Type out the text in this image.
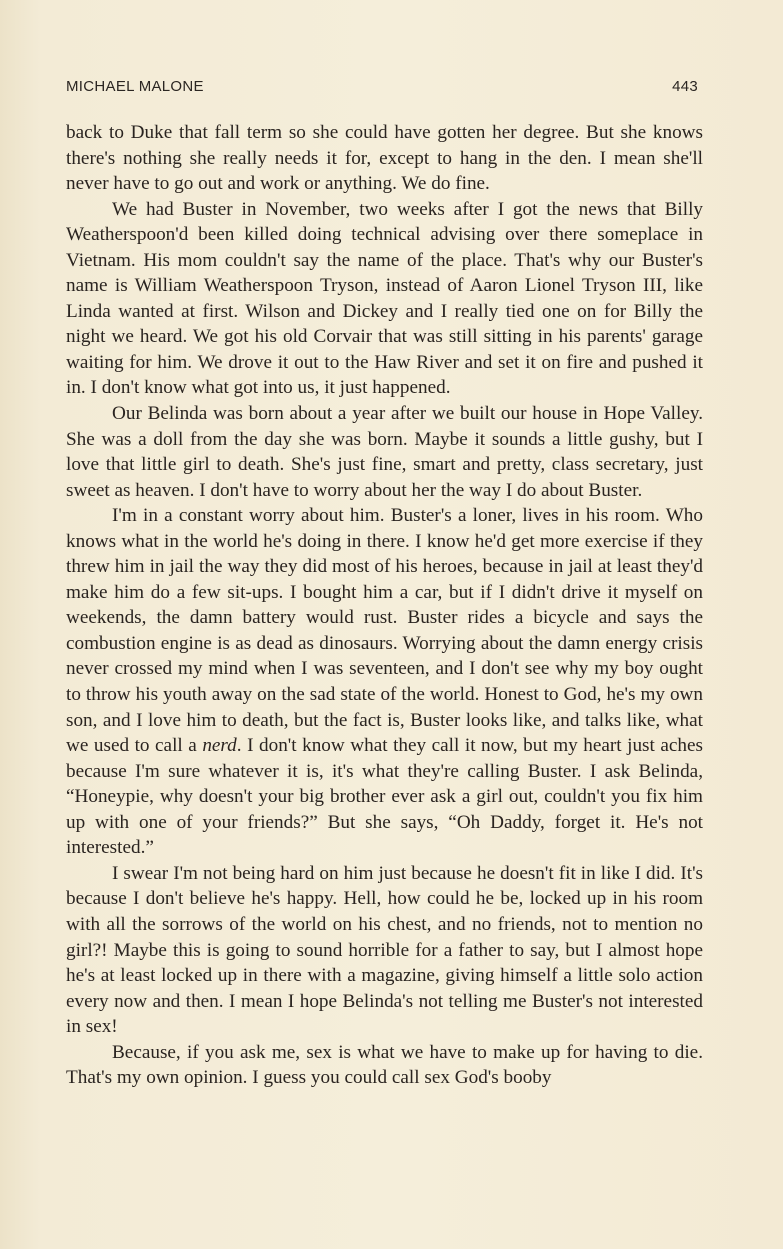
MICHAEL MALONE	443

back to Duke that fall term so she could have gotten her degree. But she knows there's nothing she really needs it for, except to hang in the den. I mean she'll never have to go out and work or anything. We do fine.

We had Buster in November, two weeks after I got the news that Billy Weatherspoon'd been killed doing technical advising over there someplace in Vietnam. His mom couldn't say the name of the place. That's why our Buster's name is William Weatherspoon Tryson, instead of Aaron Lionel Tryson III, like Linda wanted at first. Wilson and Dickey and I really tied one on for Billy the night we heard. We got his old Corvair that was still sitting in his parents' garage waiting for him. We drove it out to the Haw River and set it on fire and pushed it in. I don't know what got into us, it just happened.

Our Belinda was born about a year after we built our house in Hope Valley. She was a doll from the day she was born. Maybe it sounds a little gushy, but I love that little girl to death. She's just fine, smart and pretty, class secretary, just sweet as heaven. I don't have to worry about her the way I do about Buster.

I'm in a constant worry about him. Buster's a loner, lives in his room. Who knows what in the world he's doing in there. I know he'd get more exercise if they threw him in jail the way they did most of his heroes, because in jail at least they'd make him do a few sit-ups. I bought him a car, but if I didn't drive it myself on weekends, the damn battery would rust. Buster rides a bicycle and says the combustion engine is as dead as dinosaurs. Worrying about the damn energy crisis never crossed my mind when I was seventeen, and I don't see why my boy ought to throw his youth away on the sad state of the world. Honest to God, he's my own son, and I love him to death, but the fact is, Buster looks like, and talks like, what we used to call a nerd. I don't know what they call it now, but my heart just aches because I'm sure whatever it is, it's what they're calling Buster. I ask Belinda, “Honeypie, why doesn't your big brother ever ask a girl out, couldn't you fix him up with one of your friends?” But she says, “Oh Daddy, forget it. He's not interested.”

I swear I'm not being hard on him just because he doesn't fit in like I did. It's because I don't believe he's happy. Hell, how could he be, locked up in his room with all the sorrows of the world on his chest, and no friends, not to mention no girl?! Maybe this is going to sound horrible for a father to say, but I almost hope he's at least locked up in there with a magazine, giving himself a little solo action every now and then. I mean I hope Belinda's not telling me Buster's not interested in sex!

Because, if you ask me, sex is what we have to make up for having to die. That's my own opinion. I guess you could call sex God's booby
